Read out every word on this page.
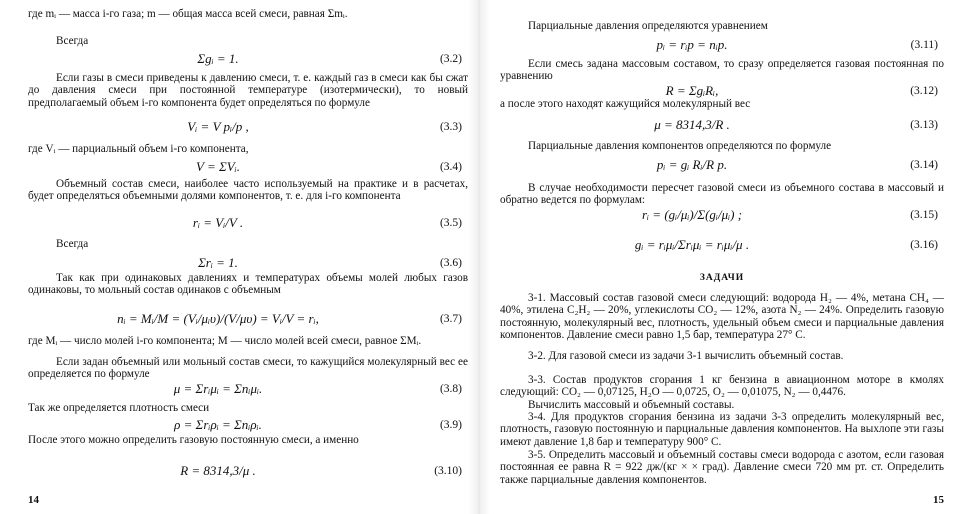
где mᵢ — масса i-го газа; m — общая масса всей смеси, равная Σmᵢ.
Всегда
Σgᵢ = 1.	(3.2)
Если газы в смеси приведены к давлению смеси, т. е. каждый газ в смеси как бы сжат до давления смеси при постоянной температуре (изотермически), то новый предполагаемый объем i-го компонента будет определяться по формуле
Vᵢ = V pᵢ/p ,	(3.3)
где Vᵢ — парциальный объем i-го компонента,
V = ΣVᵢ.	(3.4)
Объемный состав смеси, наиболее часто используемый на практике и в расчетах, будет определяться объемными долями компонентов, т. е. для i-го компонента
rᵢ = Vᵢ/V .	(3.5)
Всегда
Σrᵢ = 1.	(3.6)
Так как при одинаковых давлениях и температурах объемы молей любых газов одинаковы, то мольный состав одинаков с объемным
nᵢ = Mᵢ/M = (Vᵢ/μᵢυ)/(V/μυ) = Vᵢ/V = rᵢ,	(3.7)
где Mᵢ — число молей i-го компонента; M — число молей всей смеси, равное ΣMᵢ.
Если задан объемный или мольный состав смеси, то кажущийся молекулярный вес ее определяется по формуле
μ = Σrᵢμᵢ = Σnᵢμᵢ.	(3.8)
Так же определяется плотность смеси
ρ = Σrᵢρᵢ = Σnᵢρᵢ.	(3.9)
После этого можно определить газовую постоянную смеси, а именно
R = 8314,3/μ .	(3.10)
14
Парциальные давления определяются уравнением
pᵢ = rᵢp = nᵢp.	(3.11)
Если смесь задана массовым составом, то сразу определяется газовая постоянная по уравнению
R = ΣgᵢRᵢ,	(3.12)
а после этого находят кажущийся молекулярный вес
μ = 8314,3/R .	(3.13)
Парциальные давления компонентов определяются по формуле
pᵢ = gᵢ Rᵢ/R p.	(3.14)
В случае необходимости пересчет газовой смеси из объемного состава в массовый и обратно ведется по формулам:
rᵢ = (gᵢ/μᵢ)/Σ(gᵢ/μᵢ) ;	(3.15)
gᵢ = rᵢμᵢ/Σrᵢμᵢ = rᵢμᵢ/μ .	(3.16)
ЗАДАЧИ
3-1. Массовый состав газовой смеси следующий: водорода H₂ — 4%, метана CH₄ — 40%, этилена C₂H₂ — 20%, углекислоты CO₂ — 12%, азота N₂ — 24%. Определить газовую постоянную, молекулярный вес, плотность, удельный объем смеси и парциальные давления компонентов. Давление смеси равно 1,5 бар, температура 27° С.
3-2. Для газовой смеси из задачи 3-1 вычислить объемный состав.
3-3. Состав продуктов сгорания 1 кг бензина в авиационном моторе в кмолях следующий: CO₂ — 0,07125, H₂O — 0,0725, O₂ — 0,01075, N₂ — 0,4476.
Вычислить массовый и объемный составы.
3-4. Для продуктов сгорания бензина из задачи 3-3 определить молекулярный вес, плотность, газовую постоянную и парциальные давления компонентов. На выхлопе эти газы имеют давление 1,8 бар и температуру 900° С.
3-5. Определить массовый и объемный составы смеси водорода с азотом, если газовая постоянная ее равна R = 922 дж/(кг × × град). Давление смеси 720 мм рт. ст. Определить также парциальные давления компонентов.
15
